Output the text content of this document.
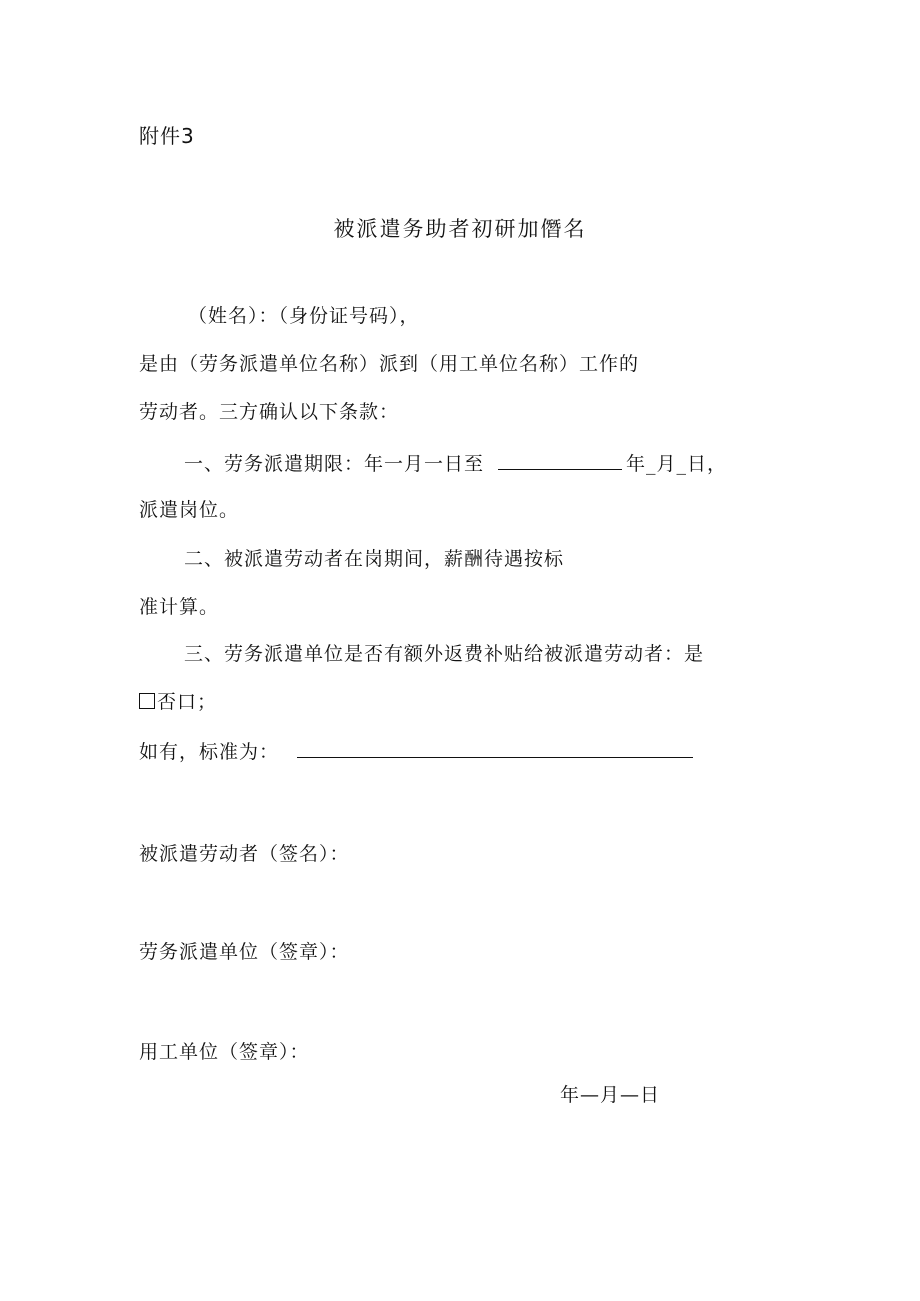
附件3
被派遣务助者初研加僭名
（姓名）：（身份证号码），
是由（劳务派遣单位名称）派到（用工单位名称）工作的
劳动者。三方确认以下条款：
一、劳务派遣期限：年一月一日至	年_月_日，
派遣岗位。
二、被派遣劳动者在岗期间，薪酬待遇按标
准计算。
三、劳务派遣单位是否有额外返费补贴给被派遣劳动者：是
否口；
如有，标准为：
被派遣劳动者（签名）：
劳务派遣单位（签章）：
用工单位（签章）：
年—月—日
